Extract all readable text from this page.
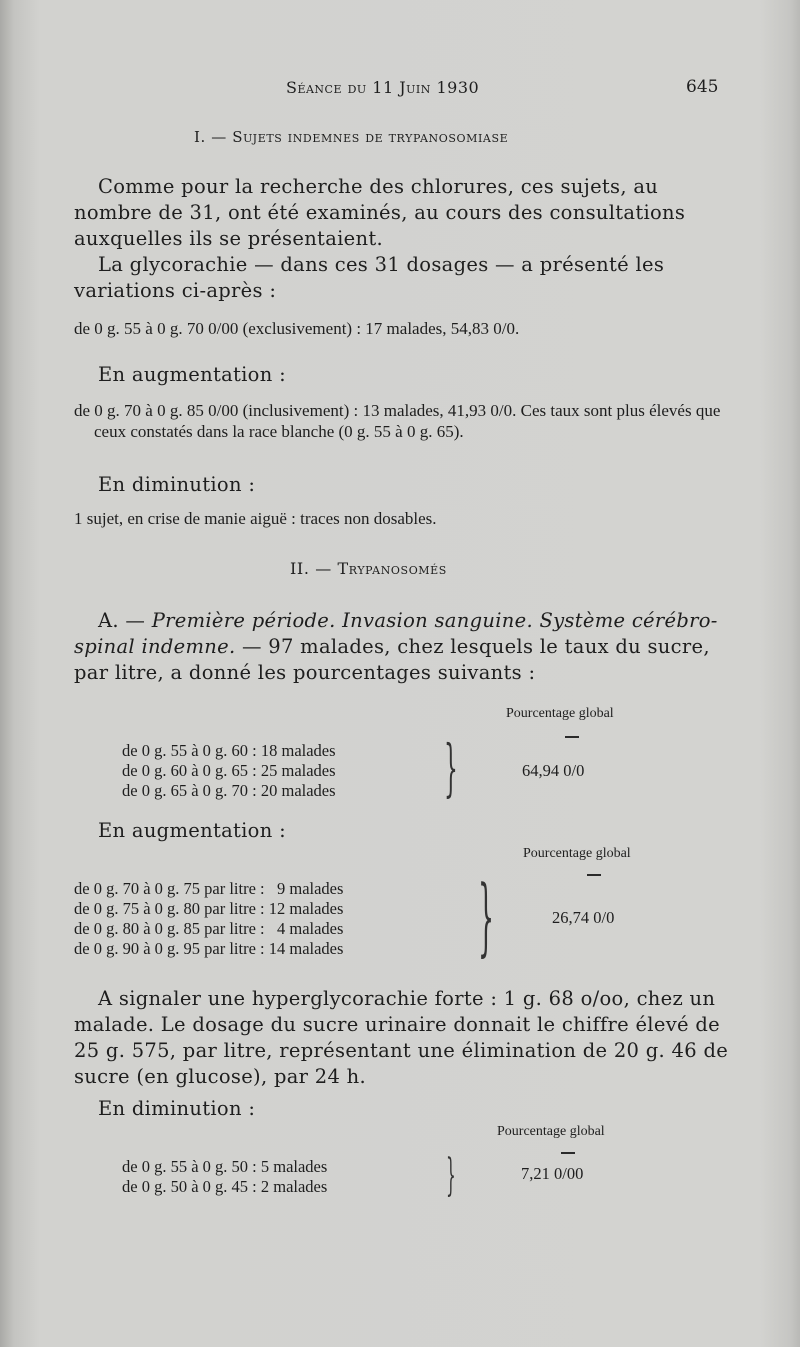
Séance du 11 Juin 1930	645
I. — Sujets indemnes de trypanosomiase
Comme pour la recherche des chlorures, ces sujets, au nombre de 31, ont été examinés, au cours des consultations auxquelles ils se présentaient.
La glycorachie — dans ces 31 dosages — a présenté les variations ci-après :
de 0 g. 55 à 0 g. 70 0/00 (exclusivement) : 17 malades, 54,83 0/0.
En augmentation :
de 0 g. 70 à 0 g. 85 0/00 (inclusivement) : 13 malades, 41,93 0/0. Ces taux sont plus élevés que ceux constatés dans la race blanche (0 g. 55 à 0 g. 65).
En diminution :
1 sujet, en crise de manie aiguë : traces non dosables.
II. — Trypanosomés
A. — Première période. Invasion sanguine. Système cérébro-spinal indemne. — 97 malades, chez lesquels le taux du sucre, par litre, a donné les pourcentages suivants :
Pourcentage global
de 0 g. 55 à 0 g. 60 : 18 malades
de 0 g. 60 à 0 g. 65 : 25 malades
de 0 g. 65 à 0 g. 70 : 20 malades }	64,94 0/0
En augmentation :
Pourcentage global
de 0 g. 70 à 0 g. 75 par litre :   9 malades
de 0 g. 75 à 0 g. 80 par litre : 12 malades
de 0 g. 80 à 0 g. 85 par litre :   4 malades
de 0 g. 90 à 0 g. 95 par litre : 14 malades }	26,74 0/0
A signaler une hyperglycorachie forte : 1 g. 68 o/oo, chez un malade. Le dosage du sucre urinaire donnait le chiffre élevé de 25 g. 575, par litre, représentant une élimination de 20 g. 46 de sucre (en glucose), par 24 h.
En diminution :
Pourcentage global
de 0 g. 55 à 0 g. 50 : 5 malades
de 0 g. 50 à 0 g. 45 : 2 malades	}	7,21 0/00
